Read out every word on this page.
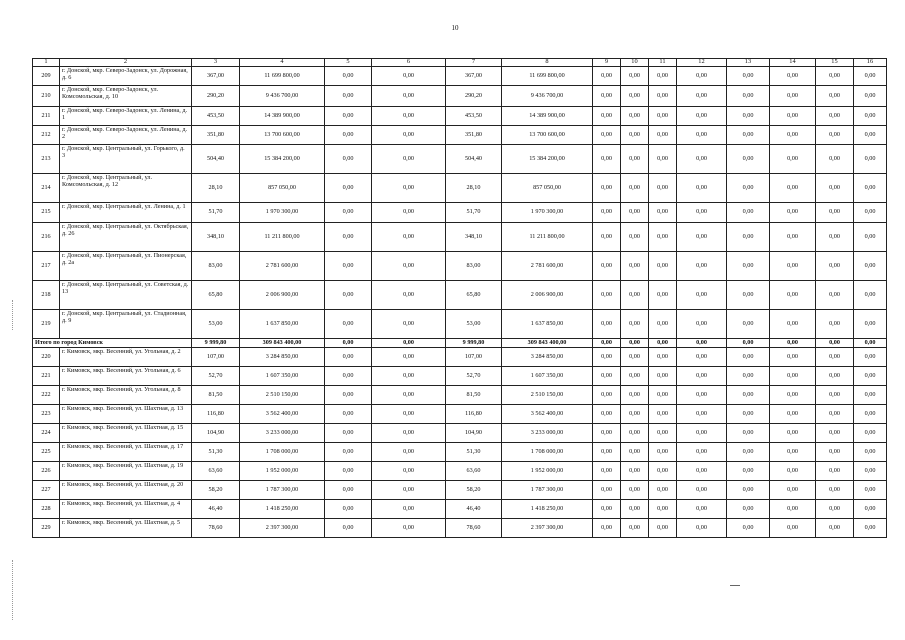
10
1	2	3	4	5	6	7	8	9	10	11	12	13	14	15	16
209	г. Донской, мкр. Северо-Задонск, ул. Дорожная, д. 6	367,00	11 699 800,00	0,00	0,00	367,00	11 699 800,00	0,00	0,00	0,00	0,00	0,00	0,00	0,00	0,00
210	г. Донской, мкр. Северо-Задонск, ул. Комсомольская, д. 10	290,20	9 436 700,00	0,00	0,00	290,20	9 436 700,00	0,00	0,00	0,00	0,00	0,00	0,00	0,00	0,00
211	г. Донской, мкр. Северо-Задонск, ул. Ленина, д. 1	453,50	14 389 900,00	0,00	0,00	453,50	14 389 900,00	0,00	0,00	0,00	0,00	0,00	0,00	0,00	0,00
212	г. Донской, мкр. Северо-Задонск, ул. Ленина, д. 2	351,80	13 700 600,00	0,00	0,00	351,80	13 700 600,00	0,00	0,00	0,00	0,00	0,00	0,00	0,00	0,00
213	г. Донской, мкр. Центральный, ул. Горького, д. 3	504,40	15 384 200,00	0,00	0,00	504,40	15 384 200,00	0,00	0,00	0,00	0,00	0,00	0,00	0,00	0,00
214	г. Донской, мкр. Центральный, ул. Комсомольская, д. 12	28,10	857 050,00	0,00	0,00	28,10	857 050,00	0,00	0,00	0,00	0,00	0,00	0,00	0,00	0,00
215	г. Донской, мкр. Центральный, ул. Ленина, д. 1	51,70	1 970 300,00	0,00	0,00	51,70	1 970 300,00	0,00	0,00	0,00	0,00	0,00	0,00	0,00	0,00
216	г. Донской, мкр. Центральный, ул. Октябрьская, д. 26	348,10	11 211 800,00	0,00	0,00	348,10	11 211 800,00	0,00	0,00	0,00	0,00	0,00	0,00	0,00	0,00
217	г. Донской, мкр. Центральный, ул. Пионерская, д. 2а	83,00	2 781 600,00	0,00	0,00	83,00	2 781 600,00	0,00	0,00	0,00	0,00	0,00	0,00	0,00	0,00
218	г. Донской, мкр. Центральный, ул. Советская, д. 13	65,80	2 006 900,00	0,00	0,00	65,80	2 006 900,00	0,00	0,00	0,00	0,00	0,00	0,00	0,00	0,00
219	г. Донской, мкр. Центральный, ул. Стадионная, д. 9	53,00	1 637 850,00	0,00	0,00	53,00	1 637 850,00	0,00	0,00	0,00	0,00	0,00	0,00	0,00	0,00
Итого по город Кимовск		9 999,80	309 843 400,00	0,00	0,00	9 999,80	309 843 400,00	0,00	0,00	0,00	0,00	0,00	0,00	0,00	0,00
220	г. Кимовск, мкр. Весенний, ул. Угольная, д. 2	107,00	3 284 850,00	0,00	0,00	107,00	3 284 850,00	0,00	0,00	0,00	0,00	0,00	0,00	0,00	0,00
221	г. Кимовск, мкр. Весенний, ул. Угольная, д. 6	52,70	1 607 350,00	0,00	0,00	52,70	1 607 350,00	0,00	0,00	0,00	0,00	0,00	0,00	0,00	0,00
222	г. Кимовск, мкр. Весенний, ул. Угольная, д. 8	81,50	2 510 150,00	0,00	0,00	81,50	2 510 150,00	0,00	0,00	0,00	0,00	0,00	0,00	0,00	0,00
223	г. Кимовск, мкр. Весенний, ул. Шахтная, д. 13	116,80	3 562 400,00	0,00	0,00	116,80	3 562 400,00	0,00	0,00	0,00	0,00	0,00	0,00	0,00	0,00
224	г. Кимовск, мкр. Весенний, ул. Шахтная, д. 15	104,90	3 233 000,00	0,00	0,00	104,90	3 233 000,00	0,00	0,00	0,00	0,00	0,00	0,00	0,00	0,00
225	г. Кимовск, мкр. Весенний, ул. Шахтная, д. 17	51,30	1 708 000,00	0,00	0,00	51,30	1 708 000,00	0,00	0,00	0,00	0,00	0,00	0,00	0,00	0,00
226	г. Кимовск, мкр. Весенний, ул. Шахтная, д. 19	63,60	1 952 000,00	0,00	0,00	63,60	1 952 000,00	0,00	0,00	0,00	0,00	0,00	0,00	0,00	0,00
227	г. Кимовск, мкр. Весенний, ул. Шахтная, д. 20	58,20	1 787 300,00	0,00	0,00	58,20	1 787 300,00	0,00	0,00	0,00	0,00	0,00	0,00	0,00	0,00
228	г. Кимовск, мкр. Весенний, ул. Шахтная, д. 4	46,40	1 418 250,00	0,00	0,00	46,40	1 418 250,00	0,00	0,00	0,00	0,00	0,00	0,00	0,00	0,00
229	г. Кимовск, мкр. Весенний, ул. Шахтная, д. 5	78,60	2 397 300,00	0,00	0,00	78,60	2 397 300,00	0,00	0,00	0,00	0,00	0,00	0,00	0,00	0,00
